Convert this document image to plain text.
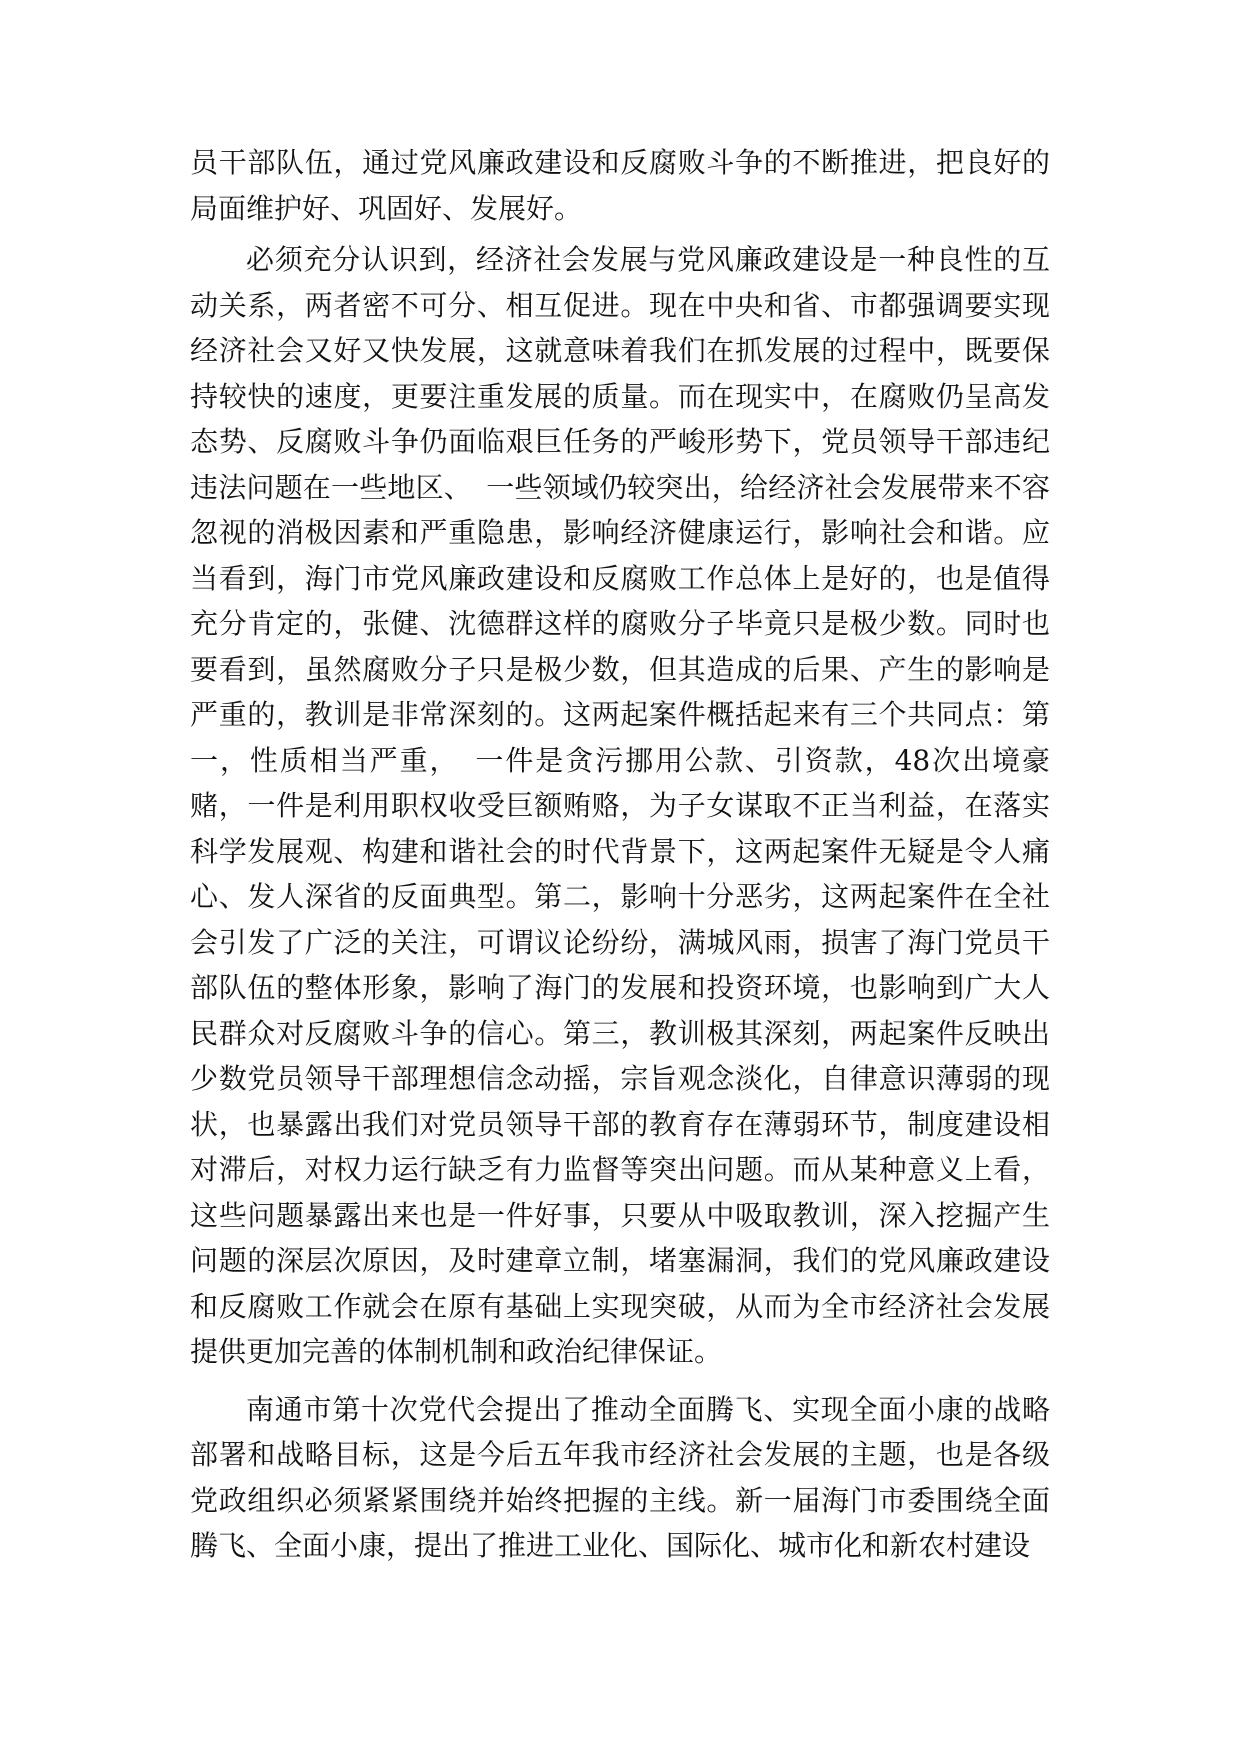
员干部队伍，通过党风廉政建设和反腐败斗争的不断推进，把良好的局面维护好、巩固好、发展好。

必须充分认识到，经济社会发展与党风廉政建设是一种良性的互动关系，两者密不可分、相互促进。现在中央和省、市都强调要实现经济社会又好又快发展，这就意味着我们在抓发展的过程中，既要保持较快的速度，更要注重发展的质量。而在现实中，在腐败仍呈高发态势、反腐败斗争仍面临艰巨任务的严峻形势下，党员领导干部违纪违法问题在一些地区、　一些领域仍较突出，给经济社会发展带来不容忽视的消极因素和严重隐患，影响经济健康运行，影响社会和谐。应当看到，海门市党风廉政建设和反腐败工作总体上是好的，也是值得充分肯定的，张健、沈德群这样的腐败分子毕竟只是极少数。同时也要看到，虽然腐败分子只是极少数，但其造成的后果、产生的影响是严重的，教训是非常深刻的。这两起案件概括起来有三个共同点：第一，性质相当严重，　一件是贪污挪用公款、引资款，48次出境豪赌，一件是利用职权收受巨额贿赂，为子女谋取不正当利益，在落实科学发展观、构建和谐社会的时代背景下，这两起案件无疑是令人痛心、发人深省的反面典型。第二，影响十分恶劣，这两起案件在全社会引发了广泛的关注，可谓议论纷纷，满城风雨，损害了海门党员干部队伍的整体形象，影响了海门的发展和投资环境，也影响到广大人民群众对反腐败斗争的信心。第三，教训极其深刻，两起案件反映出少数党员领导干部理想信念动摇，宗旨观念淡化，自律意识薄弱的现状，也暴露出我们对党员领导干部的教育存在薄弱环节，制度建设相对滞后，对权力运行缺乏有力监督等突出问题。而从某种意义上看，这些问题暴露出来也是一件好事，只要从中吸取教训，深入挖掘产生问题的深层次原因，及时建章立制，堵塞漏洞，我们的党风廉政建设和反腐败工作就会在原有基础上实现突破，从而为全市经济社会发展提供更加完善的体制机制和政治纪律保证。

南通市第十次党代会提出了推动全面腾飞、实现全面小康的战略部署和战略目标，这是今后五年我市经济社会发展的主题，也是各级党政组织必须紧紧围绕并始终把握的主线。新一届海门市委围绕全面腾飞、全面小康，提出了推进工业化、国际化、城市化和新农村建设
